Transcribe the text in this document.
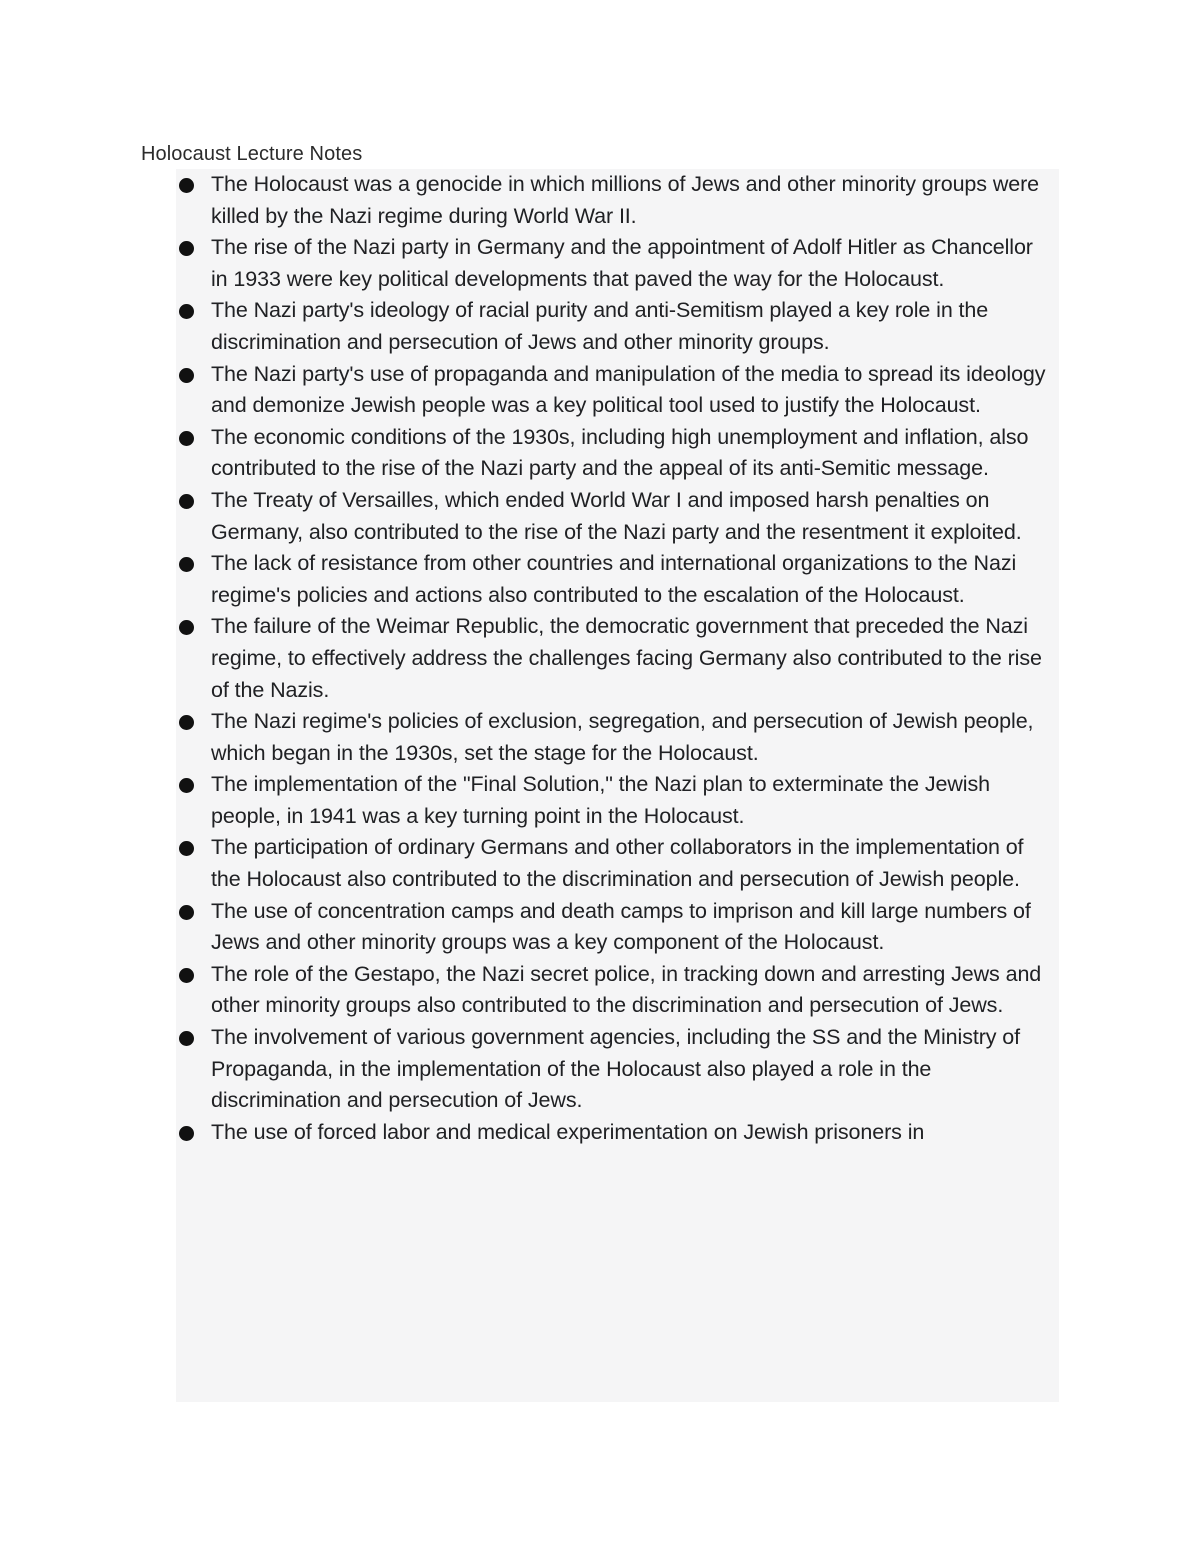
Holocaust Lecture Notes
The Holocaust was a genocide in which millions of Jews and other minority groups were killed by the Nazi regime during World War II.
The rise of the Nazi party in Germany and the appointment of Adolf Hitler as Chancellor in 1933 were key political developments that paved the way for the Holocaust.
The Nazi party's ideology of racial purity and anti-Semitism played a key role in the discrimination and persecution of Jews and other minority groups.
The Nazi party's use of propaganda and manipulation of the media to spread its ideology and demonize Jewish people was a key political tool used to justify the Holocaust.
The economic conditions of the 1930s, including high unemployment and inflation, also contributed to the rise of the Nazi party and the appeal of its anti-Semitic message.
The Treaty of Versailles, which ended World War I and imposed harsh penalties on Germany, also contributed to the rise of the Nazi party and the resentment it exploited.
The lack of resistance from other countries and international organizations to the Nazi regime's policies and actions also contributed to the escalation of the Holocaust.
The failure of the Weimar Republic, the democratic government that preceded the Nazi regime, to effectively address the challenges facing Germany also contributed to the rise of the Nazis.
The Nazi regime's policies of exclusion, segregation, and persecution of Jewish people, which began in the 1930s, set the stage for the Holocaust.
The implementation of the "Final Solution," the Nazi plan to exterminate the Jewish people, in 1941 was a key turning point in the Holocaust.
The participation of ordinary Germans and other collaborators in the implementation of the Holocaust also contributed to the discrimination and persecution of Jewish people.
The use of concentration camps and death camps to imprison and kill large numbers of Jews and other minority groups was a key component of the Holocaust.
The role of the Gestapo, the Nazi secret police, in tracking down and arresting Jews and other minority groups also contributed to the discrimination and persecution of Jews.
The involvement of various government agencies, including the SS and the Ministry of Propaganda, in the implementation of the Holocaust also played a role in the discrimination and persecution of Jews.
The use of forced labor and medical experimentation on Jewish prisoners in
